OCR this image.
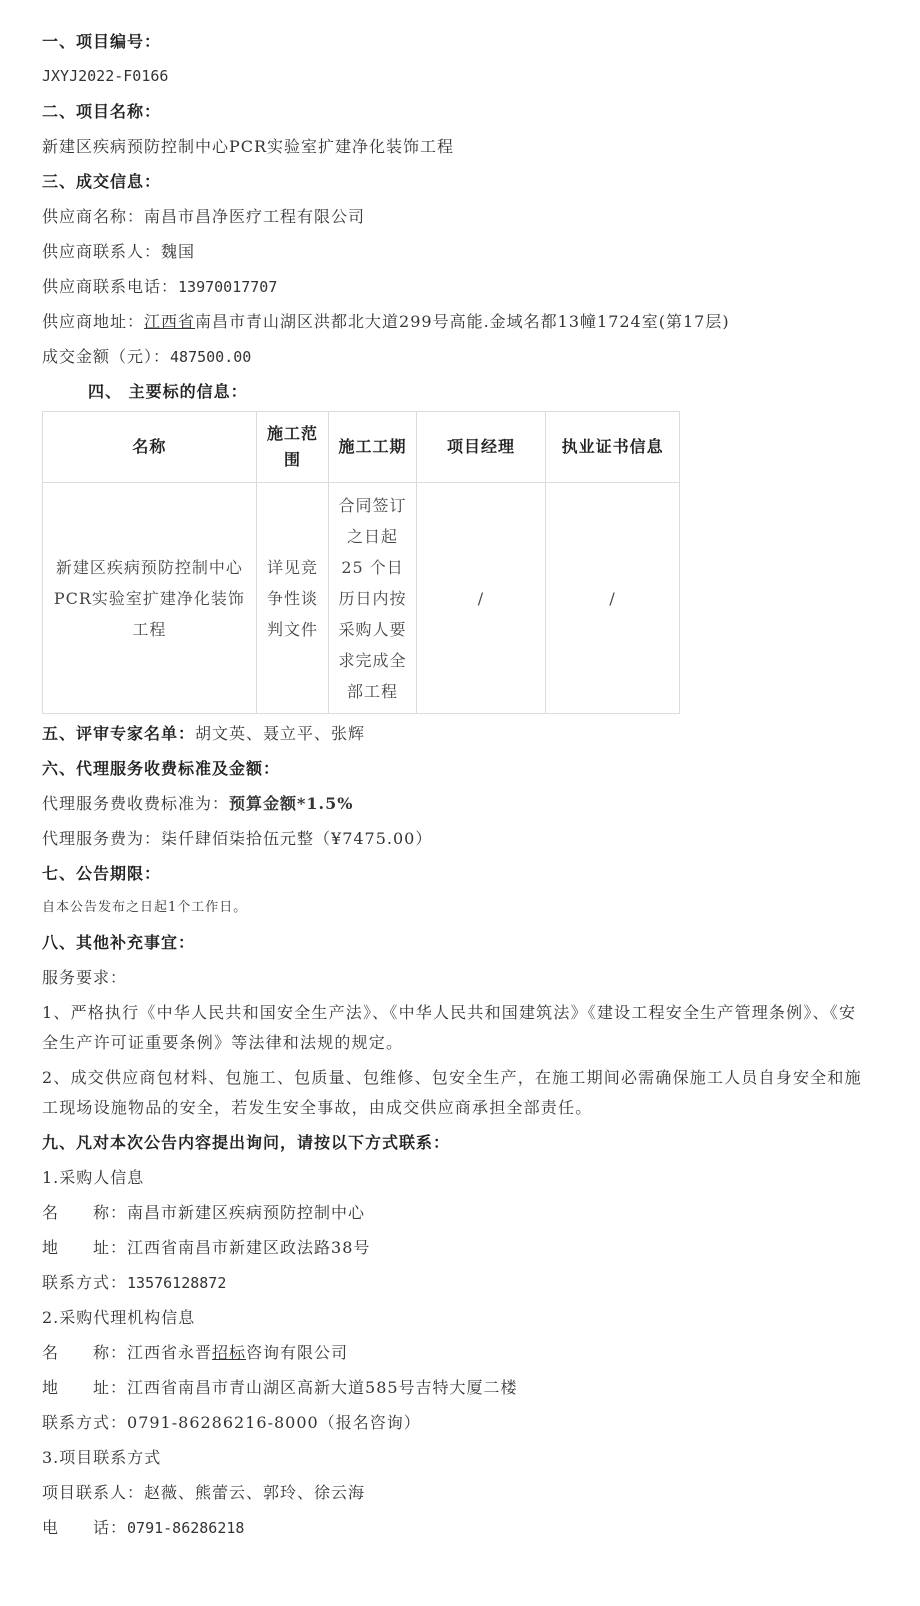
一、项目编号：
JXYJ2022-F0166
二、项目名称：
新建区疾病预防控制中心PCR实验室扩建净化装饰工程
三、成交信息：
供应商名称：南昌市昌净医疗工程有限公司
供应商联系人：魏国
供应商联系电话：13970017707
供应商地址：江西省南昌市青山湖区洪都北大道299号高能.金域名都13幢1724室(第17层)
成交金额（元）：487500.00
四、 主要标的信息：
名称	施工范围	施工工期	项目经理	执业证书信息
新建区疾病预防控制中心PCR实验室扩建净化装饰工程	详见竞争性谈判文件	合同签订之日起 25 个日历日内按采购人要求完成全部工程	/	/
五、评审专家名单：胡文英、聂立平、张辉
六、代理服务收费标准及金额：
代理服务费收费标准为：预算金额*1.5%
代理服务费为：柒仟肆佰柒拾伍元整（¥7475.00）
七、公告期限：
自本公告发布之日起1个工作日。
八、其他补充事宜：
服务要求：
1、严格执行《中华人民共和国安全生产法》、《中华人民共和国建筑法》《建设工程安全生产管理条例》、《安全生产许可证重要条例》等法律和法规的规定。
2、成交供应商包材料、包施工、包质量、包维修、包安全生产，在施工期间必需确保施工人员自身安全和施工现场设施物品的安全，若发生安全事故，由成交供应商承担全部责任。
九、凡对本次公告内容提出询问，请按以下方式联系：
1.采购人信息
名　　称：南昌市新建区疾病预防控制中心
地　　址：江西省南昌市新建区政法路38号
联系方式：13576128872
2.采购代理机构信息
名　　称：江西省永晋招标咨询有限公司
地　　址：江西省南昌市青山湖区高新大道585号吉特大厦二楼
联系方式：0791-86286216-8000（报名咨询）
3.项目联系方式
项目联系人：赵薇、熊蕾云、郭玲、徐云海
电　　话：0791-86286218
